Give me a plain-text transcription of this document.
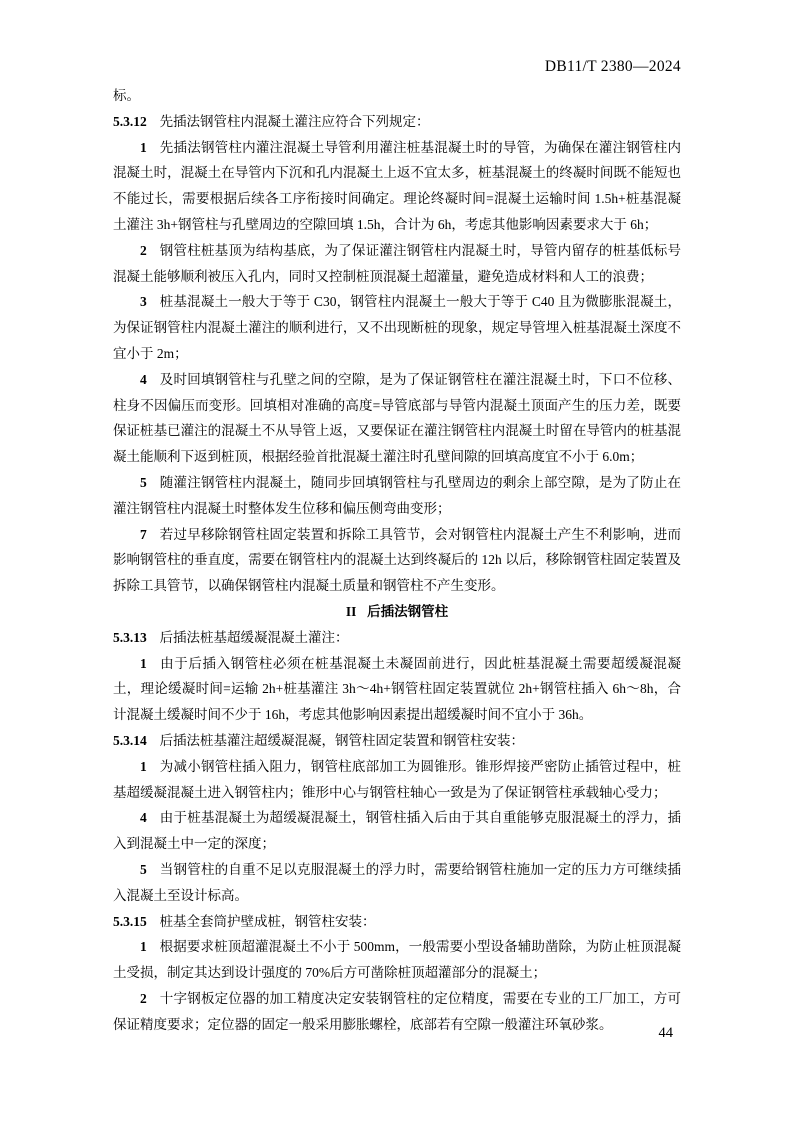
DB11/T 2380—2024

标。

5.3.12 先插法钢管柱内混凝土灌注应符合下列规定：

1 先插法钢管柱内灌注混凝土导管利用灌注桩基混凝土时的导管，为确保在灌注钢管柱内混凝土时，混凝土在导管内下沉和孔内混凝土上返不宜太多，桩基混凝土的终凝时间既不能短也不能过长，需要根据后续各工序衔接时间确定。理论终凝时间=混凝土运输时间 1.5h+桩基混凝土灌注 3h+钢管柱与孔壁周边的空隙回填 1.5h，合计为 6h，考虑其他影响因素要求大于 6h；

2 钢管柱桩基顶为结构基底，为了保证灌注钢管柱内混凝土时，导管内留存的桩基低标号混凝土能够顺利被压入孔内，同时又控制桩顶混凝土超灌量，避免造成材料和人工的浪费；

3 桩基混凝土一般大于等于 C30，钢管柱内混凝土一般大于等于 C40 且为微膨胀混凝土，为保证钢管柱内混凝土灌注的顺利进行，又不出现断桩的现象，规定导管埋入桩基混凝土深度不宜小于 2m；

4 及时回填钢管柱与孔壁之间的空隙，是为了保证钢管柱在灌注混凝土时，下口不位移、柱身不因偏压而变形。回填相对准确的高度=导管底部与导管内混凝土顶面产生的压力差，既要保证桩基已灌注的混凝土不从导管上返，又要保证在灌注钢管柱内混凝土时留在导管内的桩基混凝土能顺利下返到桩顶，根据经验首批混凝土灌注时孔壁间隙的回填高度宜不小于 6.0m；

5 随灌注钢管柱内混凝土，随同步回填钢管柱与孔壁周边的剩余上部空隙，是为了防止在灌注钢管柱内混凝土时整体发生位移和偏压侧弯曲变形；

7 若过早移除钢管柱固定装置和拆除工具管节，会对钢管柱内混凝土产生不利影响，进而影响钢管柱的垂直度，需要在钢管柱内的混凝土达到终凝后的 12h 以后，移除钢管柱固定装置及拆除工具管节，以确保钢管柱内混凝土质量和钢管柱不产生变形。

II 后插法钢管柱

5.3.13 后插法桩基超缓凝混凝土灌注：

1 由于后插入钢管柱必须在桩基混凝土未凝固前进行，因此桩基混凝土需要超缓凝混凝土，理论缓凝时间=运输 2h+桩基灌注 3h～4h+钢管柱固定装置就位 2h+钢管柱插入 6h～8h，合计混凝土缓凝时间不少于 16h，考虑其他影响因素提出超缓凝时间不宜小于 36h。

5.3.14 后插法桩基灌注超缓凝混凝，钢管柱固定装置和钢管柱安装：

1 为减小钢管柱插入阻力，钢管柱底部加工为圆锥形。锥形焊接严密防止插管过程中，桩基超缓凝混凝土进入钢管柱内；锥形中心与钢管柱轴心一致是为了保证钢管柱承载轴心受力；

4 由于桩基混凝土为超缓凝混凝土，钢管柱插入后由于其自重能够克服混凝土的浮力，插入到混凝土中一定的深度；

5 当钢管柱的自重不足以克服混凝土的浮力时，需要给钢管柱施加一定的压力方可继续插入混凝土至设计标高。

5.3.15 桩基全套筒护壁成桩，钢管柱安装：

1 根据要求桩顶超灌混凝土不小于 500mm，一般需要小型设备辅助凿除，为防止桩顶混凝土受损，制定其达到设计强度的 70%后方可凿除桩顶超灌部分的混凝土；

2 十字钢板定位器的加工精度决定安装钢管柱的定位精度，需要在专业的工厂加工，方可保证精度要求；定位器的固定一般采用膨胀螺栓，底部若有空隙一般灌注环氧砂浆。

44
